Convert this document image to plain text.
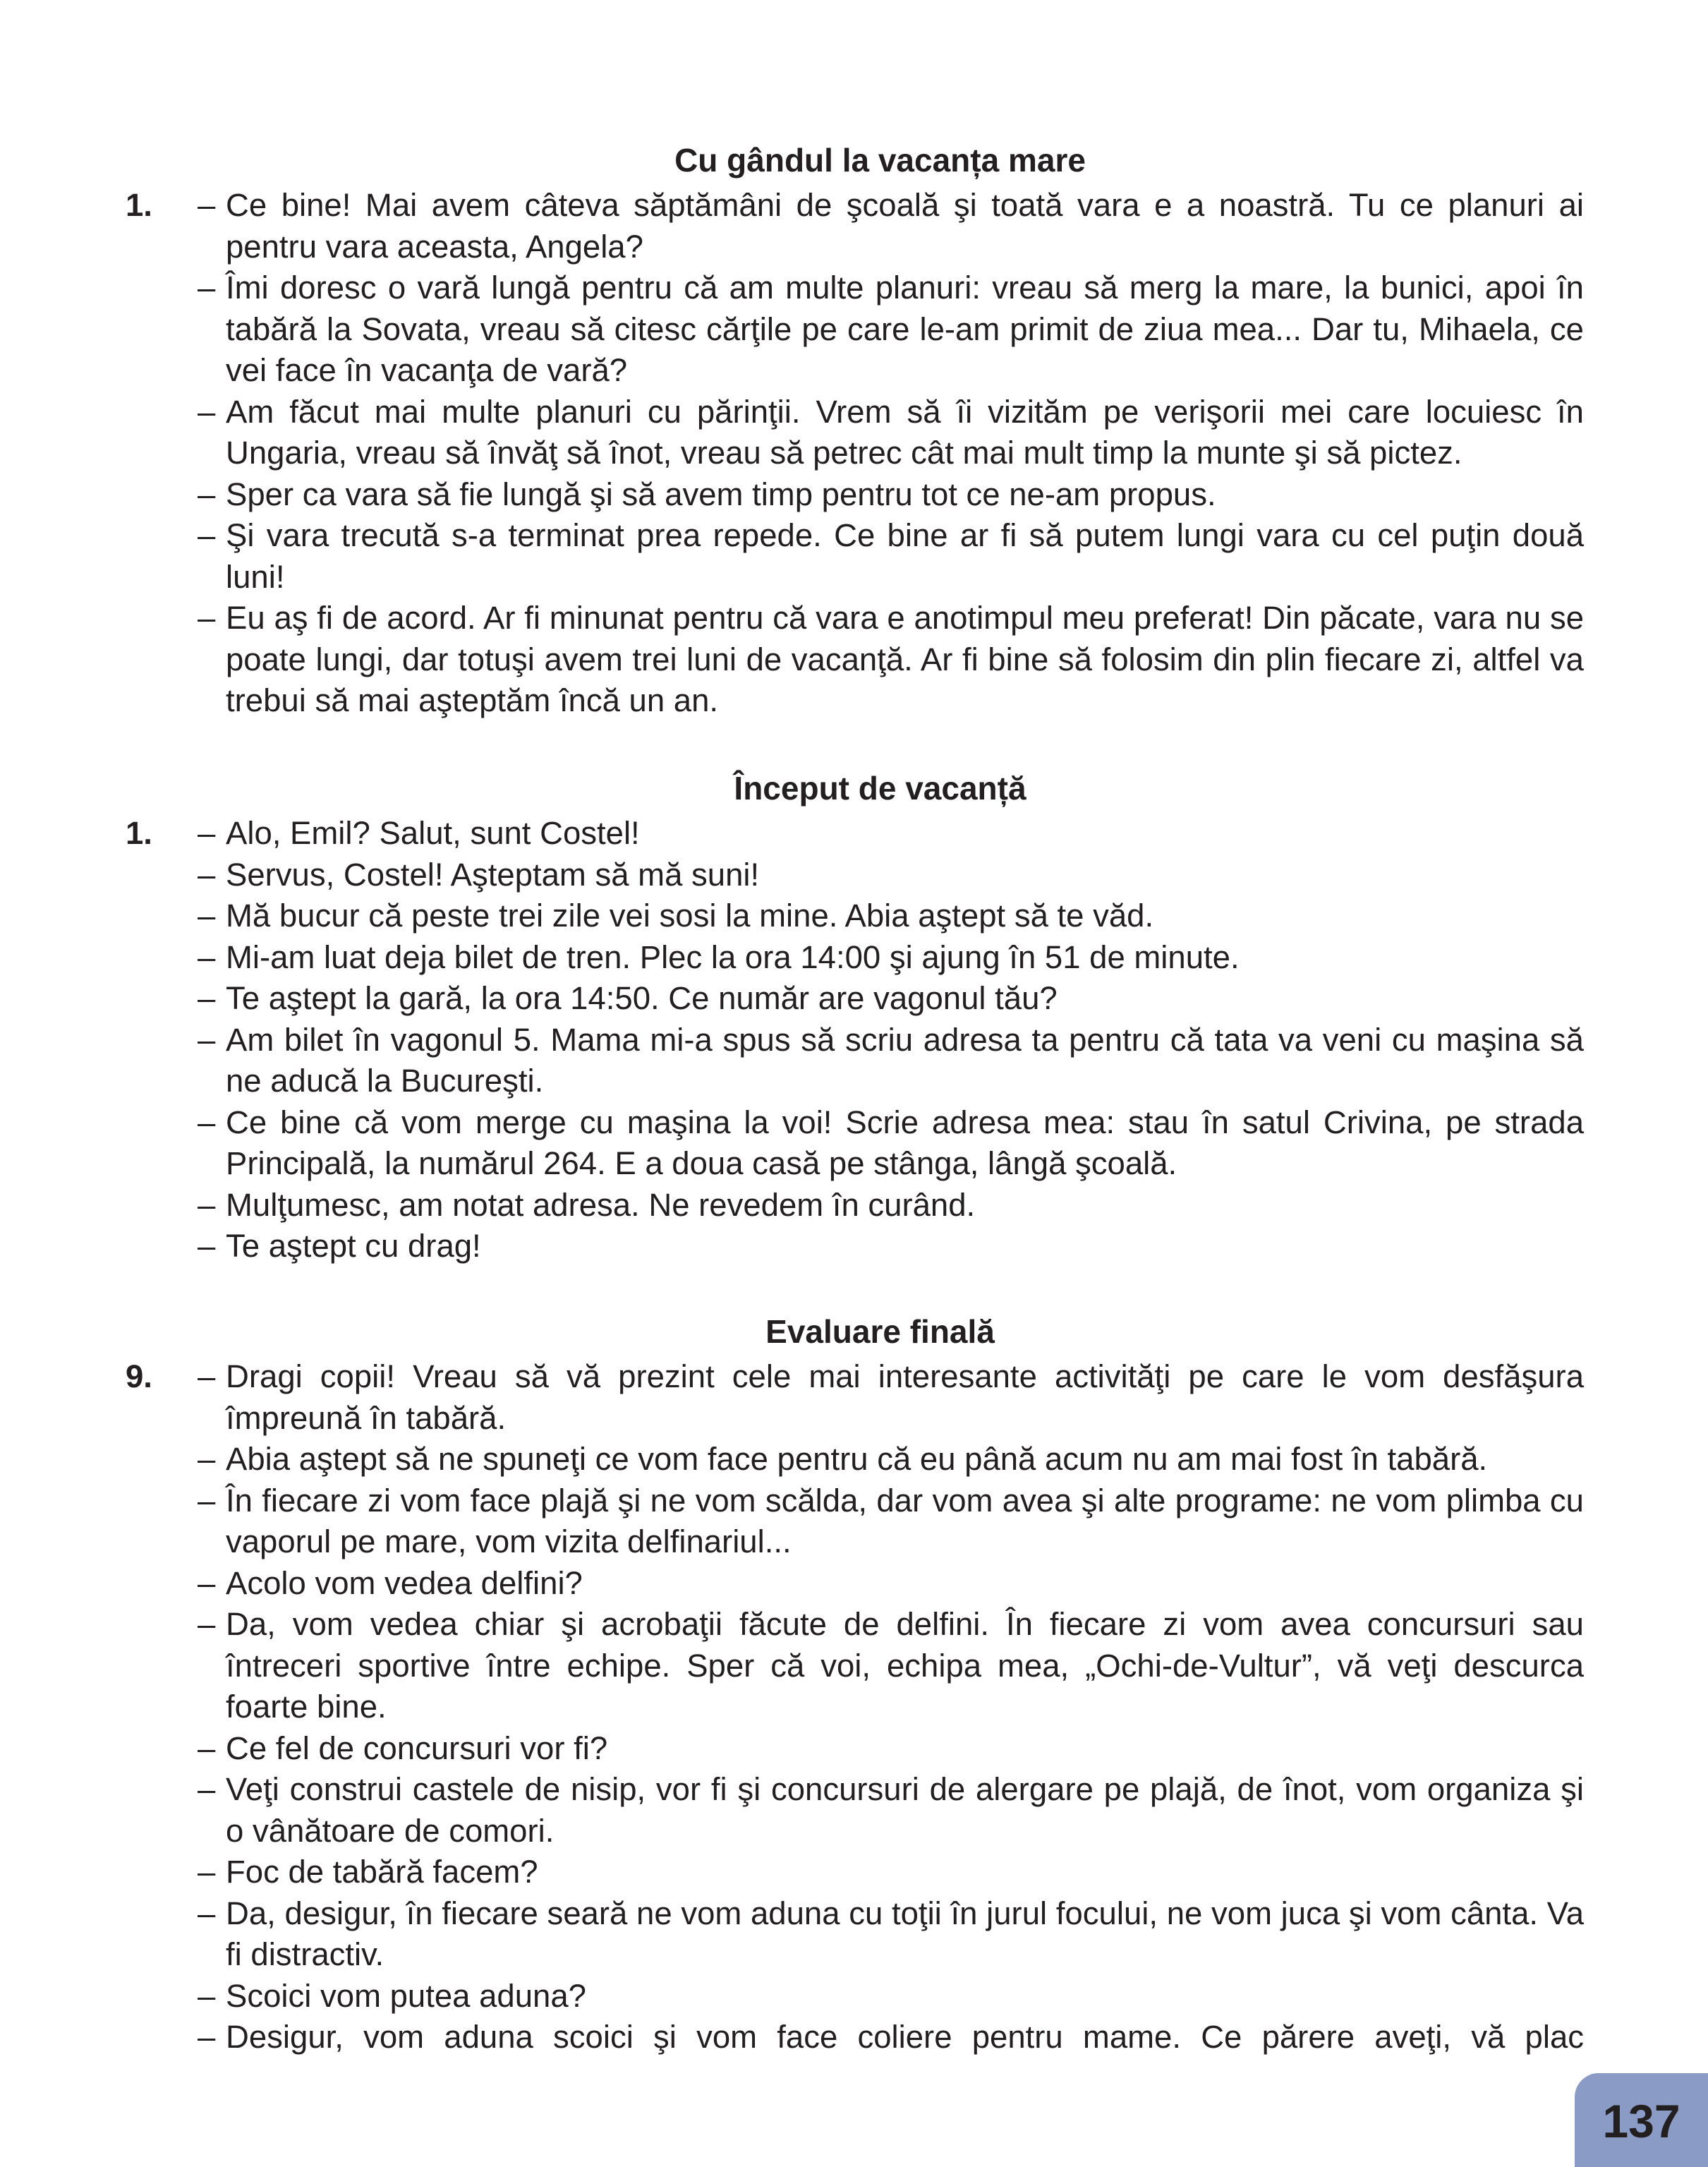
Cu gândul la vacanța mare
1. – Ce bine! Mai avem câteva săptămâni de şcoală şi toată vara e a noastră. Tu ce planuri ai pentru vara aceasta, Angela?
– Îmi doresc o vară lungă pentru că am multe planuri: vreau să merg la mare, la bunici, apoi în tabără la Sovata, vreau să citesc cărţile pe care le-am primit de ziua mea... Dar tu, Mihaela, ce vei face în vacanţa de vară?
– Am făcut mai multe planuri cu părinţii. Vrem să îi vizităm pe verişorii mei care locuiesc în Ungaria, vreau să învăţ să înot, vreau să petrec cât mai mult timp la munte şi să pictez.
– Sper ca vara să fie lungă şi să avem timp pentru tot ce ne-am propus.
– Şi vara trecută s-a terminat prea repede. Ce bine ar fi să putem lungi vara cu cel puţin două luni!
– Eu aş fi de acord. Ar fi minunat pentru că vara e anotimpul meu preferat! Din păcate, vara nu se poate lungi, dar totuşi avem trei luni de vacanţă. Ar fi bine să folosim din plin fiecare zi, altfel va trebui să mai aşteptăm încă un an.
Început de vacanță
1. – Alo, Emil? Salut, sunt Costel!
– Servus, Costel! Aşteptam să mă suni!
– Mă bucur că peste trei zile vei sosi la mine. Abia aştept să te văd.
– Mi-am luat deja bilet de tren. Plec la ora 14:00 şi ajung în 51 de minute.
– Te aştept la gară, la ora 14:50. Ce număr are vagonul tău?
– Am bilet în vagonul 5. Mama mi-a spus să scriu adresa ta pentru că tata va veni cu maşina să ne aducă la Bucureşti.
– Ce bine că vom merge cu maşina la voi! Scrie adresa mea: stau în satul Crivina, pe strada Principală, la numărul 264. E a doua casă pe stânga, lângă şcoală.
– Mulţumesc, am notat adresa. Ne revedem în curând.
– Te aştept cu drag!
Evaluare finală
9. – Dragi copii! Vreau să vă prezint cele mai interesante activităţi pe care le vom desfăşura împreună în tabără.
– Abia aştept să ne spuneţi ce vom face pentru că eu până acum nu am mai fost în tabără.
– În fiecare zi vom face plajă şi ne vom scălda, dar vom avea şi alte programe: ne vom plimba cu vaporul pe mare, vom vizita delfinariul...
– Acolo vom vedea delfini?
– Da, vom vedea chiar şi acrobaţii făcute de delfini. În fiecare zi vom avea concursuri sau întreceri sportive între echipe. Sper că voi, echipa mea, „Ochi-de-Vultur”, vă veţi descurca foarte bine.
– Ce fel de concursuri vor fi?
– Veţi construi castele de nisip, vor fi şi concursuri de alergare pe plajă, de înot, vom organiza şi o vânătoare de comori.
– Foc de tabără facem?
– Da, desigur, în fiecare seară ne vom aduna cu toţii în jurul focului, ne vom juca şi vom cânta. Va fi distractiv.
– Scoici vom putea aduna?
– Desigur, vom aduna scoici şi vom face coliere pentru mame. Ce părere aveţi, vă plac
137
